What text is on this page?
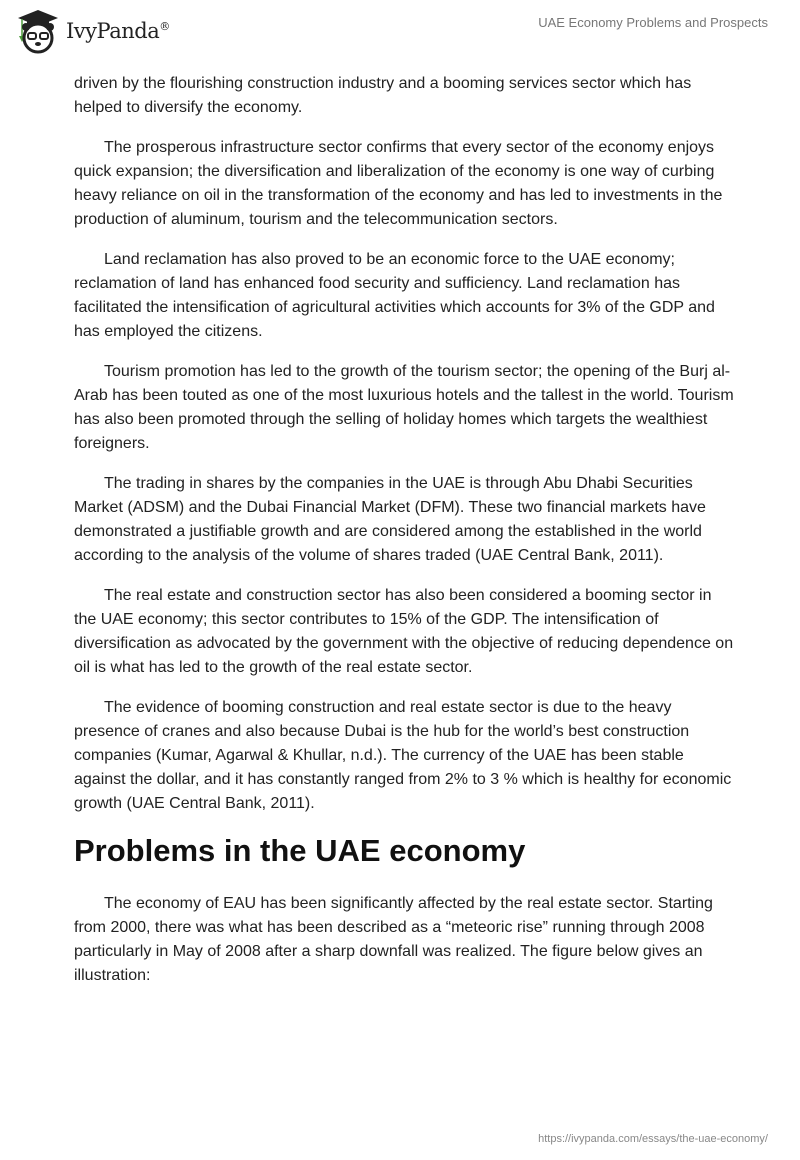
IvyPanda®	UAE Economy Problems and Prospects

driven by the flourishing construction industry and a booming services sector which has helped to diversify the economy.

The prosperous infrastructure sector confirms that every sector of the economy enjoys quick expansion; the diversification and liberalization of the economy is one way of curbing heavy reliance on oil in the transformation of the economy and has led to investments in the production of aluminum, tourism and the telecommunication sectors.

Land reclamation has also proved to be an economic force to the UAE economy; reclamation of land has enhanced food security and sufficiency. Land reclamation has facilitated the intensification of agricultural activities which accounts for 3% of the GDP and has employed the citizens.

Tourism promotion has led to the growth of the tourism sector; the opening of the Burj al-Arab has been touted as one of the most luxurious hotels and the tallest in the world. Tourism has also been promoted through the selling of holiday homes which targets the wealthiest foreigners.

The trading in shares by the companies in the UAE is through Abu Dhabi Securities Market (ADSM) and the Dubai Financial Market (DFM). These two financial markets have demonstrated a justifiable growth and are considered among the established in the world according to the analysis of the volume of shares traded (UAE Central Bank, 2011).

The real estate and construction sector has also been considered a booming sector in the UAE economy; this sector contributes to 15% of the GDP. The intensification of diversification as advocated by the government with the objective of reducing dependence on oil is what has led to the growth of the real estate sector.

The evidence of booming construction and real estate sector is due to the heavy presence of cranes and also because Dubai is the hub for the world’s best construction companies (Kumar, Agarwal & Khullar, n.d.). The currency of the UAE has been stable against the dollar, and it has constantly ranged from 2% to 3 % which is healthy for economic growth (UAE Central Bank, 2011).

Problems in the UAE economy

The economy of EAU has been significantly affected by the real estate sector. Starting from 2000, there was what has been described as a “meteoric rise” running through 2008 particularly in May of 2008 after a sharp downfall was realized. The figure below gives an illustration:

https://ivypanda.com/essays/the-uae-economy/
